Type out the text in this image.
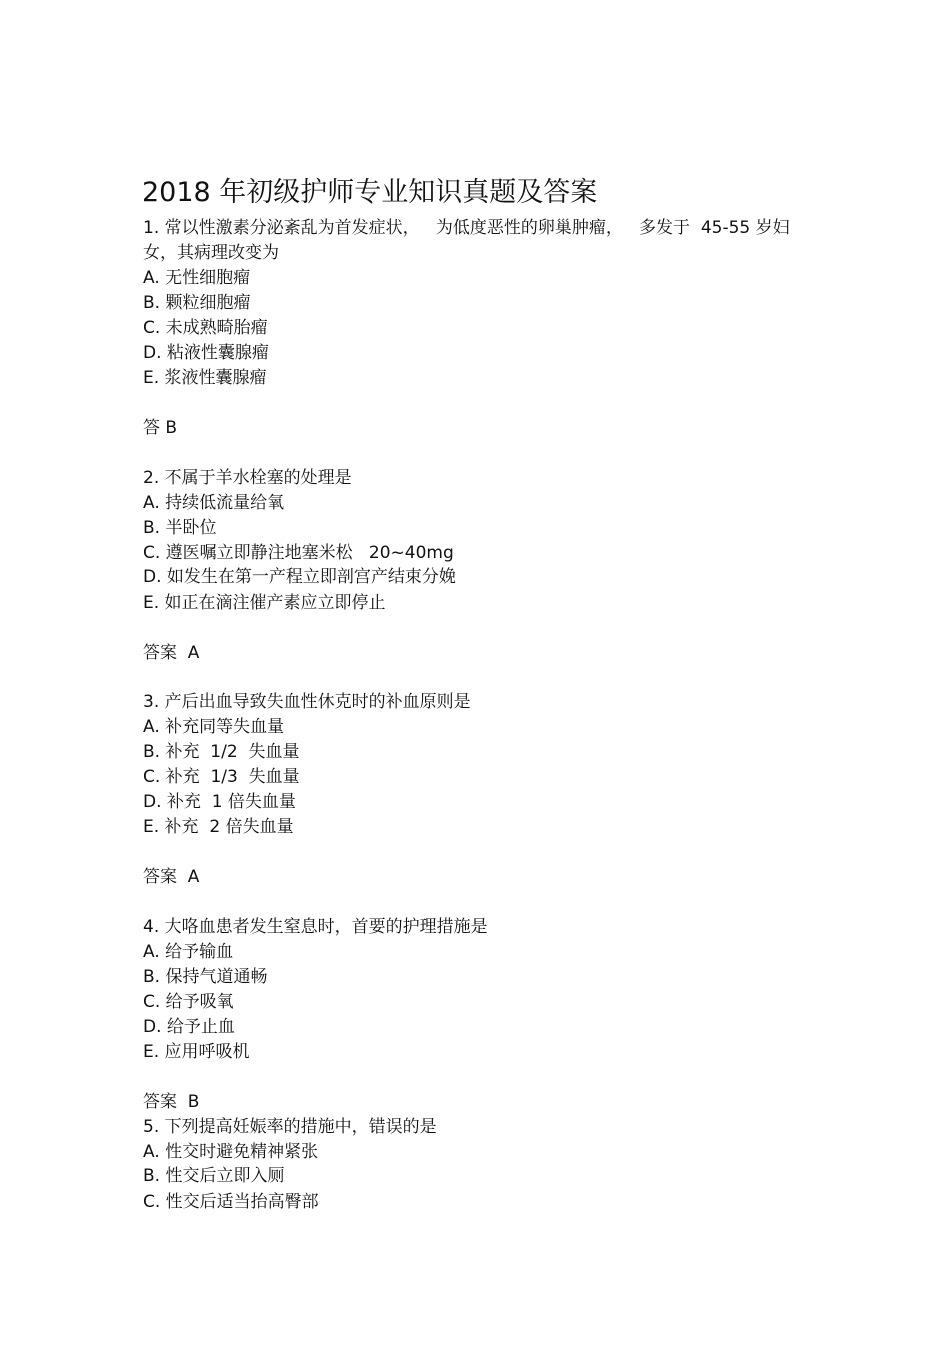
2018 年初级护师专业知识真题及答案
1. 常以性激素分泌紊乱为首发症状，   为低度恶性的卵巢肿瘤，   多发于  45-55 岁妇
女，其病理改变为
A. 无性细胞瘤
B. 颗粒细胞瘤
C. 未成熟畸胎瘤
D. 粘液性囊腺瘤
E. 浆液性囊腺瘤
答 B
2. 不属于羊水栓塞的处理是
A. 持续低流量给氧
B. 半卧位
C. 遵医嘱立即静注地塞米松   20~40mg
D. 如发生在第一产程立即剖宫产结束分娩
E. 如正在滴注催产素应立即停止
答案  A
3. 产后出血导致失血性休克时的补血原则是
A. 补充同等失血量
B. 补充  1/2  失血量
C. 补充  1/3  失血量
D. 补充  1 倍失血量
E. 补充  2 倍失血量
答案  A
4. 大咯血患者发生窒息时，首要的护理措施是
A. 给予输血
B. 保持气道通畅
C. 给予吸氧
D. 给予止血
E. 应用呼吸机
答案  B
5. 下列提高妊娠率的措施中，错误的是
A. 性交时避免精神紧张
B. 性交后立即入厕
C. 性交后适当抬高臀部
